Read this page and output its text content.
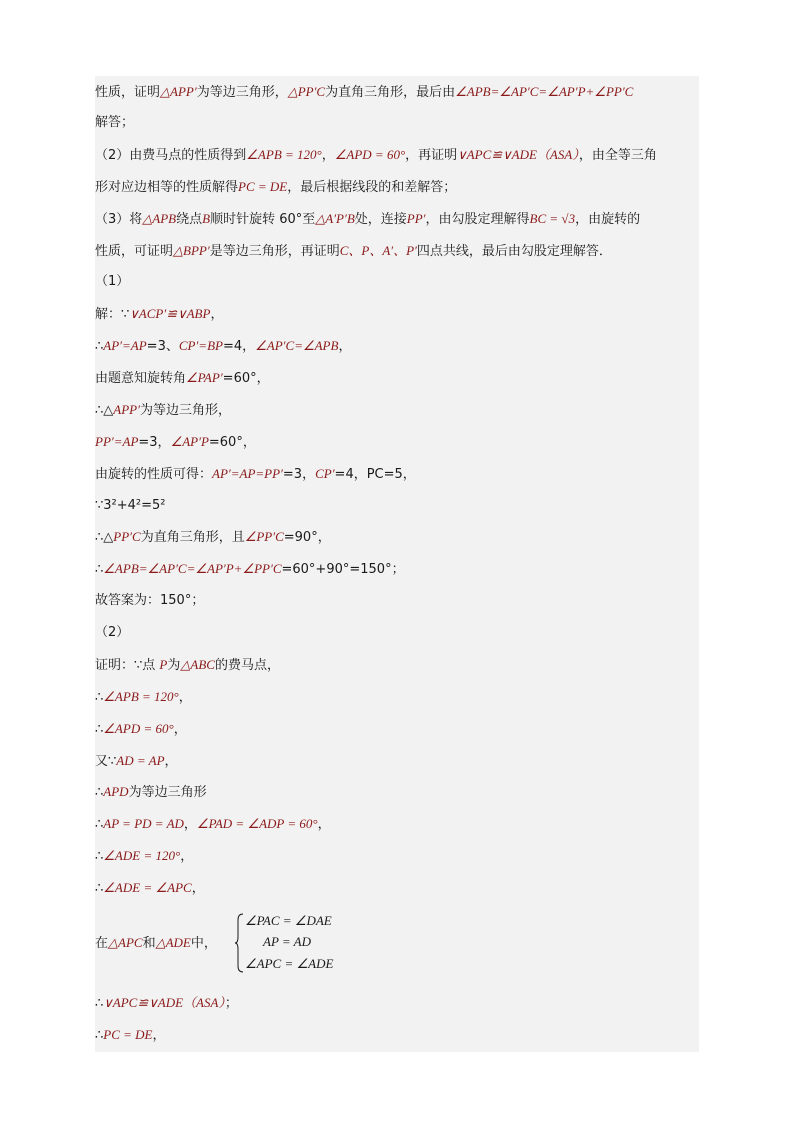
性质，证明△APP′为等边三角形，△PP′C为直角三角形，最后由∠APB=∠AP′C=∠AP′P+∠PP′C
解答；
（2）由费马点的性质得到∠APB = 120°，∠APD = 60°，再证明∨APC≌∨ADE（ASA），由全等三角
形对应边相等的性质解得PC = DE，最后根据线段的和差解答；
（3）将△APB绕点B顺时针旋转 60°至△A′P′B处，连接PP′，由勾股定理解得BC = √3，由旋转的
性质，可证明△BPP′是等边三角形，再证明C、P、A′、P′四点共线，最后由勾股定理解答．
（1）
解：∵∨ACP′≌∨ABP，
∴AP′=AP=3、CP′=BP=4，∠AP′C=∠APB，
由题意知旋转角∠PAP′=60°，
∴△APP′为等边三角形，
PP′=AP=3，∠AP′P=60°，
由旋转的性质可得：AP′=AP=PP′=3，CP′=4，PC=5，
∵3²+4²=5²
∴△PP′C为直角三角形，且∠PP′C=90°，
∴∠APB=∠AP′C=∠AP′P+∠PP′C=60°+90°=150°；
故答案为：150°；
（2）
证明：∵点 P为△ABC的费马点，
∴∠APB = 120°，
∴∠APD = 60°，
又∵AD = AP，
∴APD为等边三角形
∴AP = PD = AD，∠PAD = ∠ADP = 60°，
∴∠ADE = 120°，
∴∠ADE = ∠APC，
在△APC和△ADE中，
∠PAC = ∠DAE
AP = AD
∠APC = ∠ADE
∴∨APC≌∨ADE（ASA）；
∴PC = DE，
